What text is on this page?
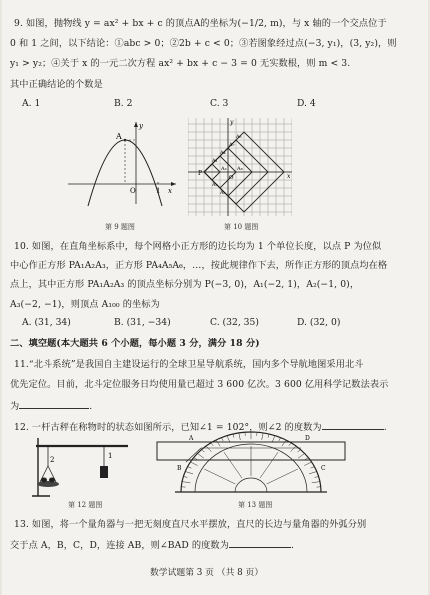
9. 如图，抛物线 y = ax² + bx + c 的顶点A的坐标为(−1/2, m)，与 x 轴的一个交点位于
0 和 1 之间，以下结论：①abc > 0；②2b + c < 0；③若图象经过点(−3, y₁)，(3, y₂)，则
y₁ > y₂；④关于 x 的一元二次方程 ax² + bx + c − 3 = 0 无实数根，则 m < 3.
其中正确结论的个数是
A. 1	B. 2	C. 3	D. 4
A
O	1 x
y
第 9 题图
P
O	x
y
A₁
A₄
A₇
A₅
A₂
A₃
A₆
A₈
第 10 题图
10. 如图，在直角坐标系中，每个网格小正方形的边长均为 1 个单位长度，以点 P 为位似
中心作正方形 PA₁A₂A₃，正方形 PA₄A₅A₆，…，按此规律作下去，所作正方形的顶点均在格
点上，其中正方形 PA₁A₂A₃ 的顶点坐标分别为 P(−3, 0)，A₁(−2, 1)，A₂(−1, 0)，
A₃(−2, −1)，则顶点 A₁₀₀ 的坐标为
A. (31, 34)	B. (31, −34)	C. (32, 35)	D. (32, 0)
二、填空题(本大题共 6 个小题，每小题 3 分，满分 18 分)
11.“北斗系统”是我国自主建设运行的全球卫星导航系统，国内多个导航地图采用北斗
优先定位。目前，北斗定位服务日均使用量已超过 3 600 亿次。3 600 亿用科学记数法表示
为	.
12. 一杆古秤在称物时的状态如图所示，已知∠1 = 102°，则∠2 的度数为	.
2	1
第 12 题图
A	D
B	C
第 13 题图
13. 如图，将一个量角器与一把无刻度直尺水平摆放，直尺的长边与量角器的外弧分别
交于点 A，B，C，D，连接 AB，则∠BAD 的度数为	.
数学试题第 3 页 （共 8 页）
